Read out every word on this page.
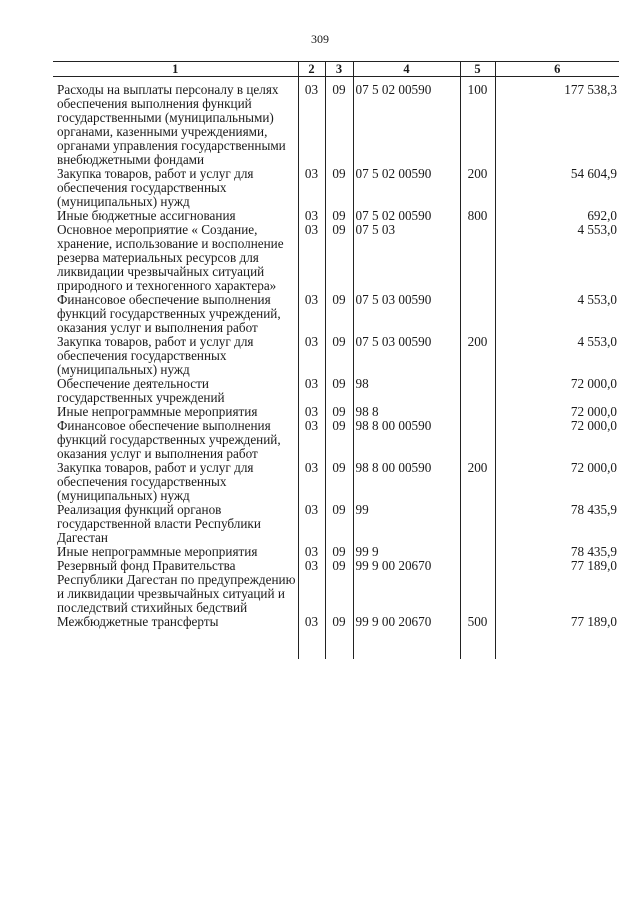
309
1	2	3	4	5	6
Расходы на выплаты персоналу в целях обеспечения выполнения функций государственными (муниципальными) органами, казенными учреждениями, органами управления государственными внебюджетными фондами	03	09	07 5 02 00590	100	177 538,3
Закупка товаров, работ и услуг для обеспечения государственных (муниципальных) нужд	03	09	07 5 02 00590	200	54 604,9
Иные бюджетные ассигнования	03	09	07 5 02 00590	800	692,0
Основное мероприятие « Создание, хранение, использование и восполнение резерва материальных ресурсов для ликвидации чрезвычайных ситуаций природного и техногенного характера»	03	09	07 5 03		4 553,0
Финансовое обеспечение выполнения функций государственных учреждений, оказания услуг и выполнения работ	03	09	07 5 03 00590		4 553,0
Закупка товаров, работ и услуг для обеспечения государственных (муниципальных) нужд	03	09	07 5 03 00590	200	4 553,0
Обеспечение деятельности государственных учреждений	03	09	98		72 000,0
Иные непрограммные мероприятия	03	09	98 8		72 000,0
Финансовое обеспечение выполнения функций государственных учреждений, оказания услуг и выполнения работ	03	09	98 8 00 00590		72 000,0
Закупка товаров, работ и услуг для обеспечения государственных (муниципальных) нужд	03	09	98 8 00 00590	200	72 000,0
Реализация функций органов государственной власти Республики Дагестан	03	09	99		78 435,9
Иные непрограммные мероприятия	03	09	99 9		78 435,9
Резервный фонд Правительства Республики Дагестан по предупреждению и ликвидации чрезвычайных ситуаций и последствий стихийных бедствий	03	09	99 9 00 20670		77 189,0
Межбюджетные трансферты	03	09	99 9 00 20670	500	77 189,0
